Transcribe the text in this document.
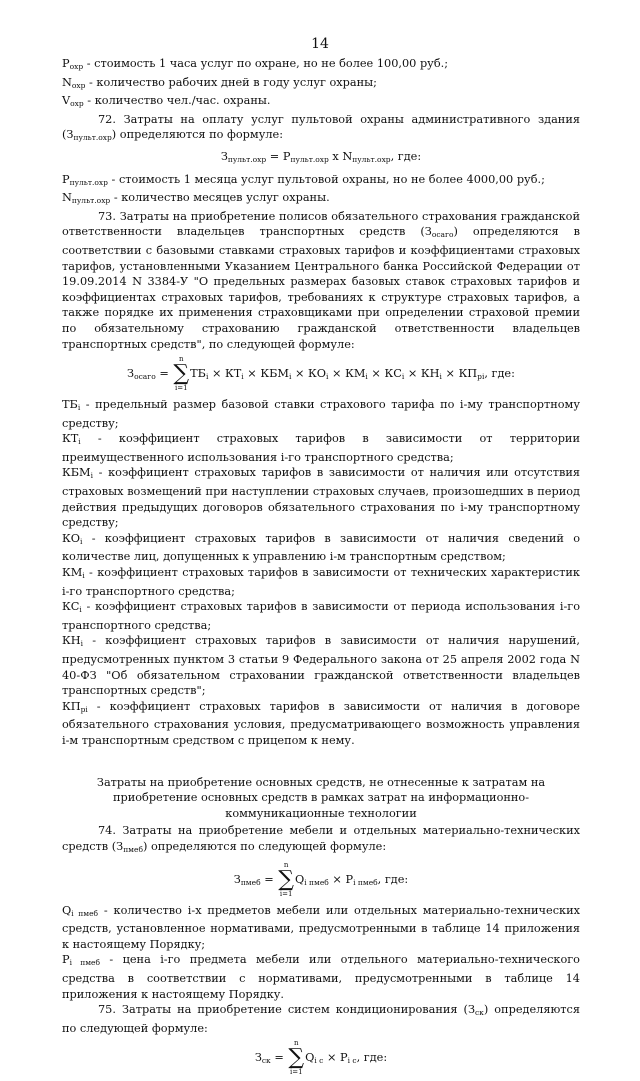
14

$P_{охр}$ - стоимость 1 часа услуг по охране, но не более 100,00 руб.;

$N_{охр}$ - количество рабочих дней в году услуг охраны;

$V_{охр}$ - количество чел./час. охраны.

72. Затраты на оплату услуг пультовой охраны административного здания $(З_{пульт.охр})$ определяются по формуле:

$З_{пульт.охр} = Р_{пульт.охр}$ х $N_{пульт.охр}$, где:

$Р_{пульт.охр}$ - стоимость 1 месяца услуг пультовой охраны, но не более 4000,00 руб.;

$N_{пульт.охр}$ - количество месяцев услуг охраны.

73. Затраты на приобретение полисов обязательного страхования гражданской ответственности владельцев транспортных средств $(З_{осаго})$ определяются в соответствии с базовыми ставками страховых тарифов и коэффициентами страховых тарифов, установленными Указанием Центрального банка Российской Федерации от 19.09.2014 N 3384-У "О предельных размерах базовых ставок страховых тарифов и коэффициентах страховых тарифов, требованиях к структуре страховых тарифов, а также порядке их применения страховщиками при определении страховой премии по обязательному страхованию гражданской ответственности владельцев транспортных средств", по следующей формуле:

$З_{осаго}$ =
n
∑
i=1
$ТБ_i \times КТ_i \times КБМ_i \times КО_i \times КМ_i \times КС_i \times КН_i \times КП_{pi}$, где:

$ТБ_i$ - предельный размер базовой ставки страхового тарифа по i-му транспортному средству;

$КТ_i$ - коэффициент страховых тарифов в зависимости от территории преимущественного использования i-го транспортного средства;

$КБМ_i$ - коэффициент страховых тарифов в зависимости от наличия или отсутствия страховых возмещений при наступлении страховых случаев, произошедших в период действия предыдущих договоров обязательного страхования по i-му транспортному средству;

$КО_i$ - коэффициент страховых тарифов в зависимости от наличия сведений о количестве лиц, допущенных к управлению i-м транспортным средством;

$КМ_i$ - коэффициент страховых тарифов в зависимости от технических характеристик i-го транспортного средства;

$КС_i$ - коэффициент страховых тарифов в зависимости от периода использования i-го транспортного средства;

$КН_i$ - коэффициент страховых тарифов в зависимости от наличия нарушений, предусмотренных пунктом 3 статьи 9 Федерального закона от 25 апреля 2002 года N 40-ФЗ "Об обязательном страховании гражданской ответственности владельцев транспортных средств";

$КП_{pi}$ - коэффициент страховых тарифов в зависимости от наличия в договоре обязательного страхования условия, предусматривающего возможность управления i-м транспортным средством с прицепом к нему.

Затраты на приобретение основных средств, не отнесенные к затратам на приобретение основных средств в рамках затрат на информационно-коммуникационные технологии

74. Затраты на приобретение мебели и отдельных материально-технических средств $(З_{пмеб})$ определяются по следующей формуле:

$З_{пмеб}$ =
n
∑
i=1
$Q_{i пмеб} \times P_{i пмеб}$, где:

$Q_{i пмеб}$ - количество i-х предметов мебели или отдельных материально-технических средств, установленное нормативами, предусмотренными в таблице 14 приложения к настоящему Порядку;

$P_{i пмеб}$ - цена i-го предмета мебели или отдельного материально-технического средства в соответствии с нормативами, предусмотренными в таблице 14 приложения к настоящему Порядку.

75. Затраты на приобретение систем кондиционирования $(З_{ск})$ определяются по следующей формуле:

$З_{ск}$ =
n
∑
i=1
$Q_{i с} \times P_{i с}$, где:
